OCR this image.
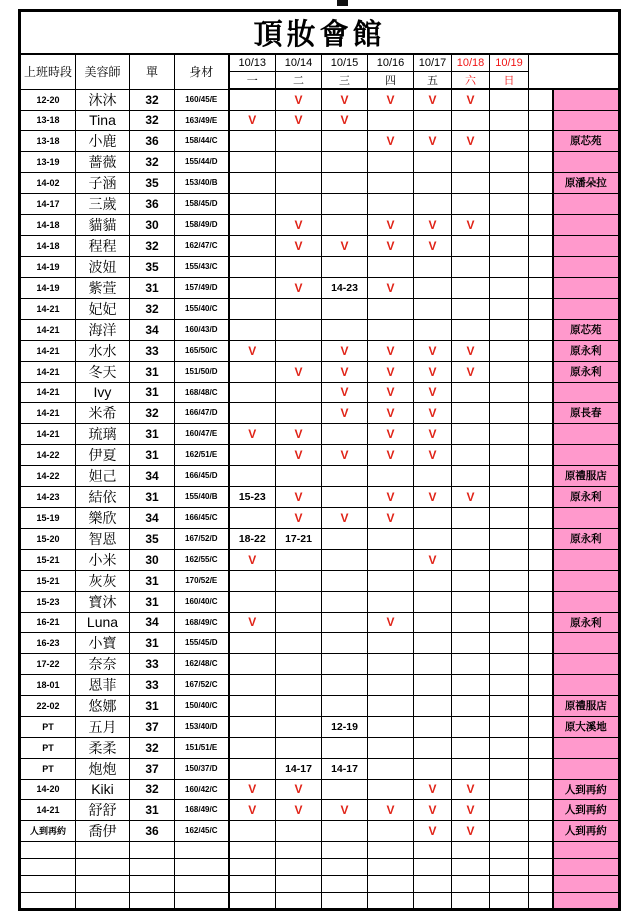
頂妝會館												
上班時段	美容師	單	身材	10/13	10/14	10/15	10/16	10/17	10/18	10/19		
				一	二	三	四	五	六	日		
12-20	沐沐	32	160/45/E		V	V	V	V	V			
13-18	Tina	32	163/49/E	V	V	V						
13-18	小鹿	36	158/44/C				V	V	V			原芯苑
13-19	薔薇	32	155/44/D									
14-02	子涵	35	153/40/B									原潘朵拉
14-17	三歲	36	158/45/D									
14-18	貓貓	30	158/49/D		V		V	V	V			
14-18	程程	32	162/47/C		V	V	V	V				
14-19	波妞	35	155/43/C									
14-19	紫萱	31	157/49/D		V	14-23	V					
14-21	妃妃	32	155/40/C									
14-21	海洋	34	160/43/D									原芯苑
14-21	水水	33	165/50/C	V		V	V	V	V			原永利
14-21	冬天	31	151/50/D		V	V	V	V	V			原永利
14-21	Ivy	31	168/48/C			V	V	V				
14-21	米希	32	166/47/D			V	V	V				原長春
14-21	琉璃	31	160/47/E	V	V		V	V				
14-22	伊夏	31	162/51/E		V	V	V	V				
14-22	妲己	34	166/45/D									原禮服店
14-23	結依	31	155/40/B	15-23	V		V	V	V			原永利
15-19	樂欣	34	166/45/C		V	V	V					
15-20	智恩	35	167/52/D	18-22	17-21							原永利
15-21	小米	30	162/55/C	V				V				
15-21	灰灰	31	170/52/E									
15-23	寶沐	31	160/40/C									
16-21	Luna	34	168/49/C	V			V					原永利
16-23	小寶	31	155/45/D									
17-22	奈奈	33	162/48/C									
18-01	恩菲	33	167/52/C									
22-02	悠娜	31	150/40/C									原禮服店
PT	五月	37	153/40/D			12-19						原大溪地
PT	柔柔	32	151/51/E									
PT	炮炮	37	150/37/D		14-17	14-17						
14-20	Kiki	32	160/42/C	V	V			V	V			人到再約
14-21	舒舒	31	168/49/C	V	V	V	V	V	V			人到再約
人到再約	喬伊	36	162/45/C					V	V			人到再約
